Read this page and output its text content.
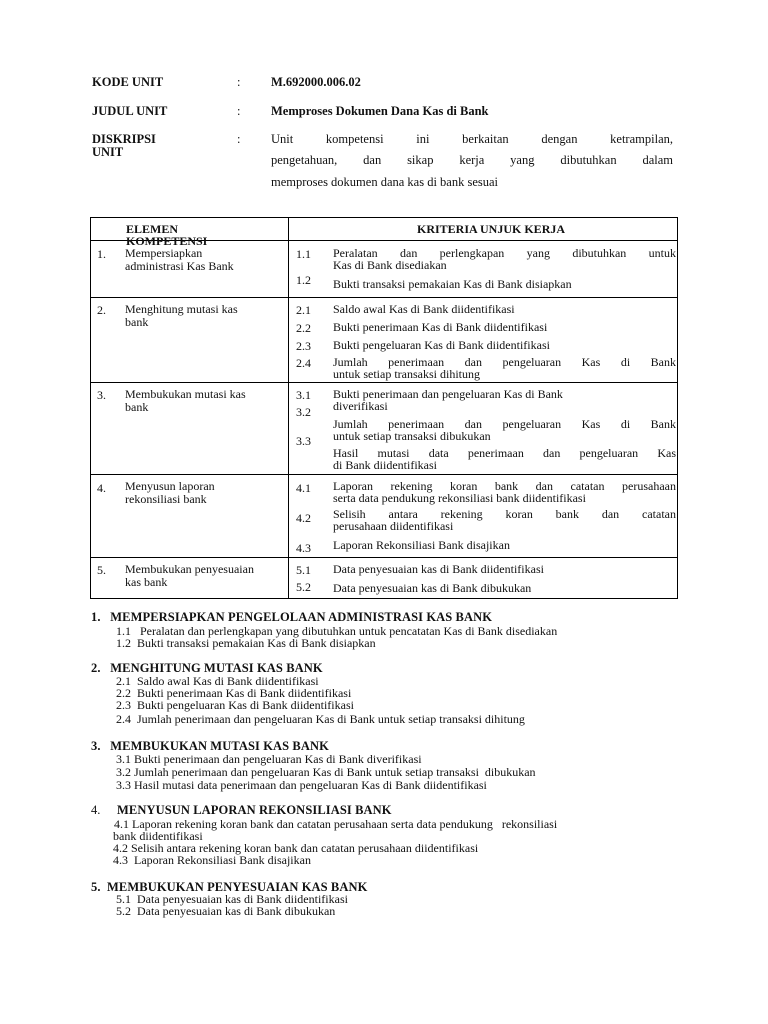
KODE UNIT	: M.692000.006.02
JUDUL UNIT	: Memproses Dokumen Dana Kas di Bank
DISKRIPSI
UNIT
: Unit kompetensi ini berkaitan dengan ketrampilan,
pengetahuan, dan sikap kerja yang dibutuhkan dalam
memproses dokumen dana kas di bank sesuai
ELEMEN
KOMPETENSI
KRITERIA UNJUK KERJA
1. Mempersiapkan
administrasi Kas Bank
1.1 Peralatan dan perlengkapan yang dibutuhkan untuk
Kas di Bank disediakan
1.2 Bukti transaksi pemakaian Kas di Bank disiapkan
2. Menghitung mutasi kas
bank
2.1 Saldo awal Kas di Bank diidentifikasi
2.2 Bukti penerimaan Kas di Bank diidentifikasi
2.3 Bukti pengeluaran Kas di Bank diidentifikasi
2.4 Jumlah penerimaan dan pengeluaran Kas di Bank
untuk setiap transaksi dihitung
3. Membukukan mutasi kas
bank
3.1 Bukti penerimaan dan pengeluaran Kas di Bank
diverifikasi
3.2
Jumlah penerimaan dan pengeluaran Kas di Bank
untuk setiap transaksi dibukukan
3.3
Hasil mutasi data penerimaan dan pengeluaran Kas
di Bank diidentifikasi
4. Menyusun laporan
rekonsiliasi bank
4.1 Laporan rekening koran bank dan catatan perusahaan
serta data pendukung rekonsiliasi bank diidentifikasi
4.2 Selisih antara rekening koran bank dan catatan
perusahaan diidentifikasi
4.3 Laporan Rekonsiliasi Bank disajikan
5. Membukukan penyesuaian
kas bank
5.1 Data penyesuaian kas di Bank diidentifikasi
5.2 Data penyesuaian kas di Bank dibukukan
1.   MEMPERSIAPKAN PENGELOLAAN ADMINISTRASI KAS BANK
1.1   Peralatan dan perlengkapan yang dibutuhkan untuk pencatatan Kas di Bank disediakan
1.2  Bukti transaksi pemakaian Kas di Bank disiapkan
2.   MENGHITUNG MUTASI KAS BANK
2.1  Saldo awal Kas di Bank diidentifikasi
2.2  Bukti penerimaan Kas di Bank diidentifikasi
2.3  Bukti pengeluaran Kas di Bank diidentifikasi
2.4  Jumlah penerimaan dan pengeluaran Kas di Bank untuk setiap transaksi dihitung
3.   MEMBUKUKAN MUTASI KAS BANK
3.1 Bukti penerimaan dan pengeluaran Kas di Bank diverifikasi
3.2 Jumlah penerimaan dan pengeluaran Kas di Bank untuk setiap transaksi  dibukukan
3.3 Hasil mutasi data penerimaan dan pengeluaran Kas di Bank diidentifikasi
4. MENYUSUN LAPORAN REKONSILIASI BANK
4.1 Laporan rekening koran bank dan catatan perusahaan serta data pendukung   rekonsiliasi
bank diidentifikasi
4.2 Selisih antara rekening koran bank dan catatan perusahaan diidentifikasi
4.3  Laporan Rekonsiliasi Bank disajikan
5.  MEMBUKUKAN PENYESUAIAN KAS BANK
5.1  Data penyesuaian kas di Bank diidentifikasi
5.2  Data penyesuaian kas di Bank dibukukan
